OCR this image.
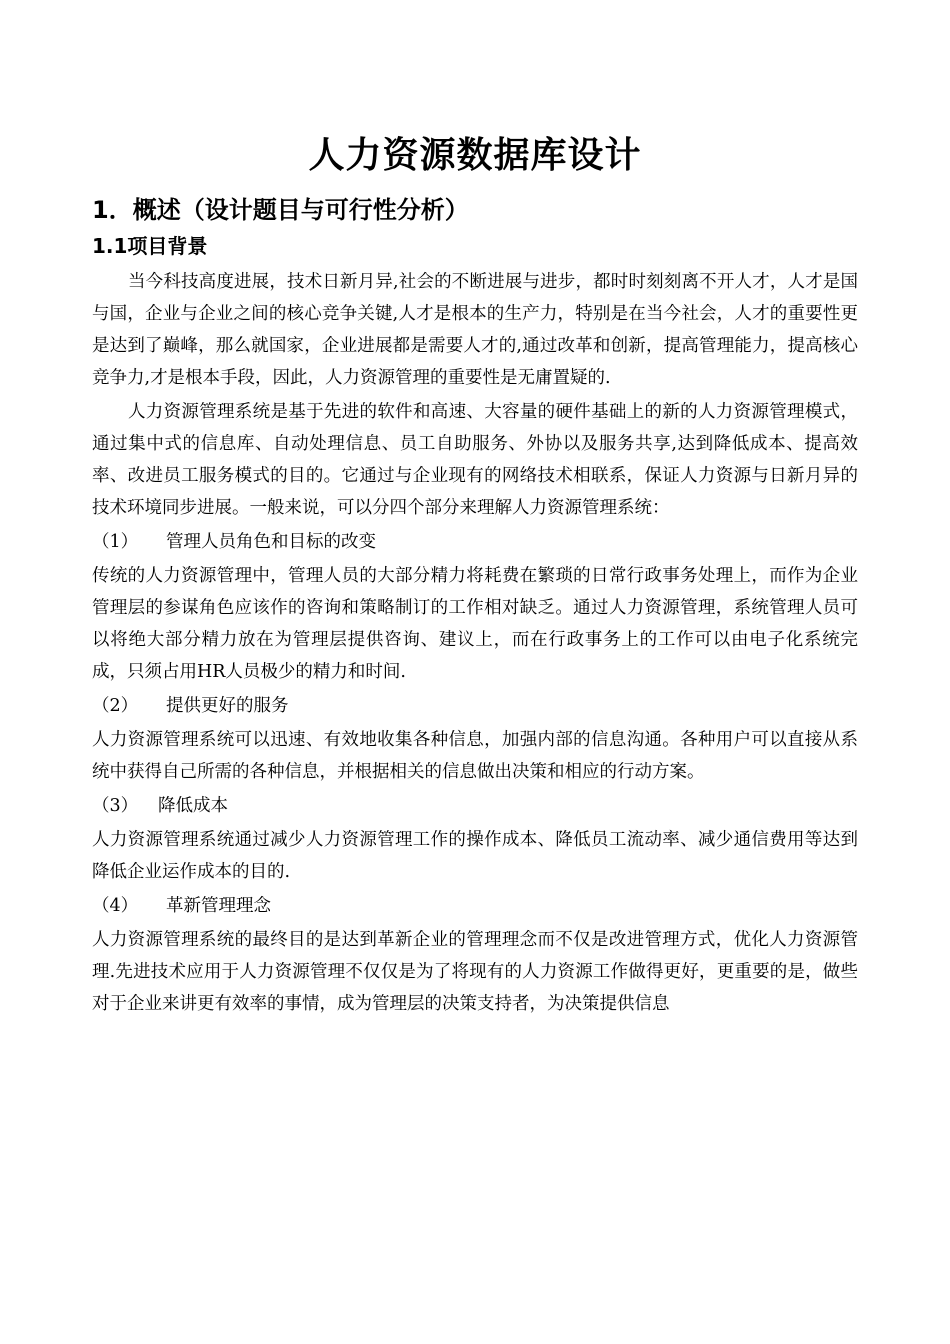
人力资源数据库设计
1．概述（设计题目与可行性分析）
1.1项目背景

当今科技高度进展，技术日新月异,社会的不断进展与进步，都时时刻刻离不开人才，人才是国与国，企业与企业之间的核心竞争关键,人才是根本的生产力，特别是在当今社会，人才的重要性更是达到了巅峰，那么就国家，企业进展都是需要人才的,通过改革和创新，提高管理能力，提高核心竞争力,才是根本手段，因此，人力资源管理的重要性是无庸置疑的.

人力资源管理系统是基于先进的软件和高速、大容量的硬件基础上的新的人力资源管理模式，通过集中式的信息库、自动处理信息、员工自助服务、外协以及服务共享,达到降低成本、提高效率、改进员工服务模式的目的。它通过与企业现有的网络技术相联系，保证人力资源与日新月异的技术环境同步进展。一般来说，可以分四个部分来理解人力资源管理系统：

（1） 管理人员角色和目标的改变

传统的人力资源管理中，管理人员的大部分精力将耗费在繁琐的日常行政事务处理上，而作为企业管理层的参谋角色应该作的咨询和策略制订的工作相对缺乏。通过人力资源管理，系统管理人员可以将绝大部分精力放在为管理层提供咨询、建议上，而在行政事务上的工作可以由电子化系统完成，只须占用HR人员极少的精力和时间.

（2） 提供更好的服务

人力资源管理系统可以迅速、有效地收集各种信息，加强内部的信息沟通。各种用户可以直接从系统中获得自己所需的各种信息，并根据相关的信息做出决策和相应的行动方案。

（3） 降低成本

人力资源管理系统通过减少人力资源管理工作的操作成本、降低员工流动率、减少通信费用等达到降低企业运作成本的目的.

（4） 革新管理理念

人力资源管理系统的最终目的是达到革新企业的管理理念而不仅是改进管理方式，优化人力资源管理.先进技术应用于人力资源管理不仅仅是为了将现有的人力资源工作做得更好，更重要的是，做些对于企业来讲更有效率的事情，成为管理层的决策支持者，为决策提供信息
